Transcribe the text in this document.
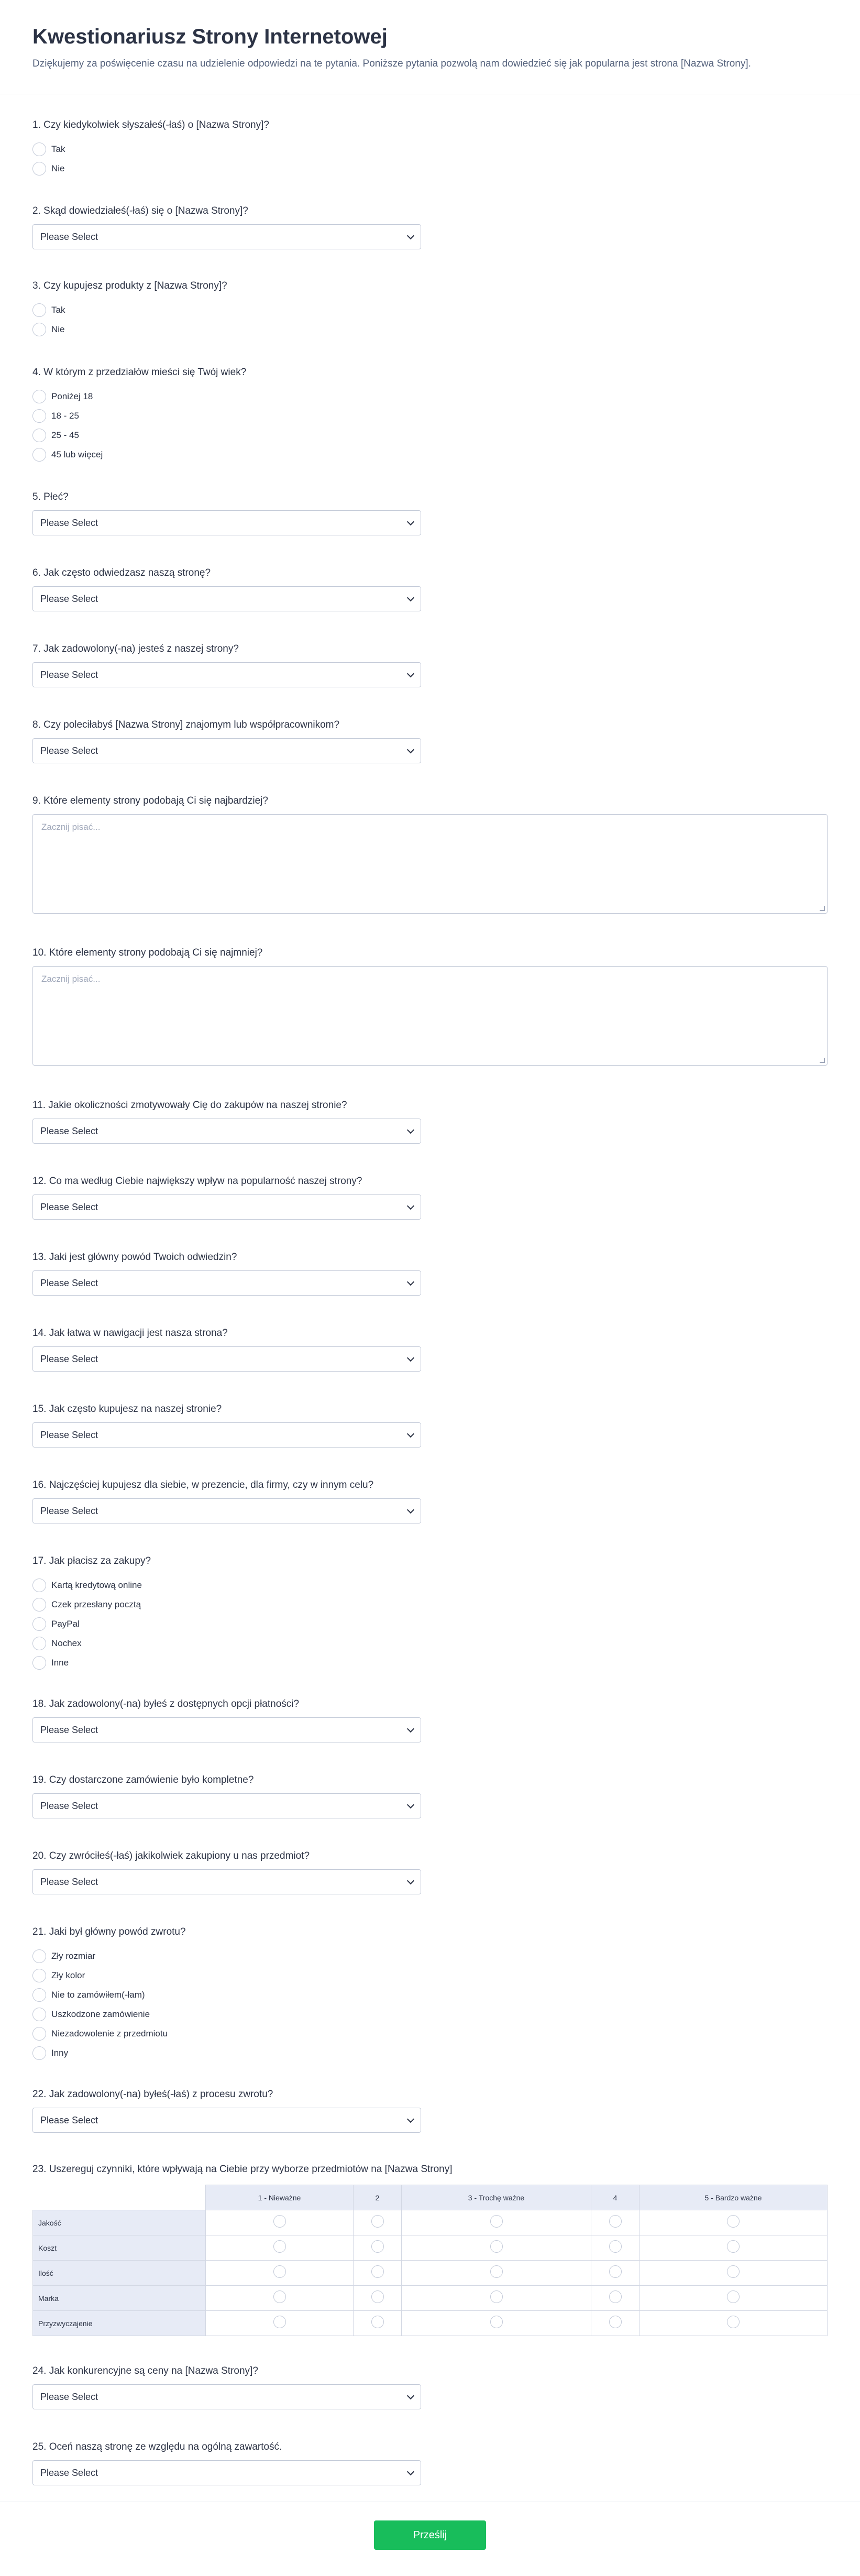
Kwestionariusz Strony Internetowej

Dziękujemy za poświęcenie czasu na udzielenie odpowiedzi na te pytania. Poniższe pytania pozwolą nam dowiedzieć się jak popularna jest strona [Nazwa Strony].

1. Czy kiedykolwiek słyszałeś(-łaś) o [Nazwa Strony]?
Tak
Nie
2. Skąd dowiedziałeś(-łaś) się o [Nazwa Strony]?
Please Select
3. Czy kupujesz produkty z [Nazwa Strony]?
Tak
Nie
4. W którym z przedziałów mieści się Twój wiek?
Poniżej 18
18 - 25
25 - 45
45 lub więcej
5. Płeć?
Please Select
6. Jak często odwiedzasz naszą stronę?
Please Select
7. Jak zadowolony(-na) jesteś z naszej strony?
Please Select
8. Czy poleciłabyś [Nazwa Strony] znajomym lub współpracownikom?
Please Select
9. Które elementy strony podobają Ci się najbardziej?
Zacznij pisać...
10. Które elementy strony podobają Ci się najmniej?
Zacznij pisać...
11. Jakie okoliczności zmotywowały Cię do zakupów na naszej stronie?
Please Select
12. Co ma według Ciebie największy wpływ na popularność naszej strony?
Please Select
13. Jaki jest główny powód Twoich odwiedzin?
Please Select
14. Jak łatwa w nawigacji jest nasza strona?
Please Select
15. Jak często kupujesz na naszej stronie?
Please Select
16. Najczęściej kupujesz dla siebie, w prezencie, dla firmy, czy w innym celu?
Please Select
17. Jak płacisz za zakupy?
Kartą kredytową online
Czek przesłany pocztą
PayPal
Nochex
Inne
18. Jak zadowolony(-na) byłeś z dostępnych opcji płatności?
Please Select
19. Czy dostarczone zamówienie było kompletne?
Please Select
20. Czy zwróciłeś(-łaś) jakikolwiek zakupiony u nas przedmiot?
Please Select
21. Jaki był główny powód zwrotu?
Zły rozmiar
Zły kolor
Nie to zamówiłem(-łam)
Uszkodzone zamówienie
Niezadowolenie z przedmiotu
Inny
22. Jak zadowolony(-na) byłeś(-łaś) z procesu zwrotu?
Please Select
23. Uszereguj czynniki, które wpływają na Ciebie przy wyborze przedmiotów na [Nazwa Strony]
	1 - Nieważne	2	3 - Trochę ważne	4	5 - Bardzo ważne
Jakość					
Koszt					
Ilość					
Marka					
Przyzwyczajenie					
24. Jak konkurencyjne są ceny na [Nazwa Strony]?
Please Select
25. Oceń naszą stronę ze względu na ogólną zawartość.
Please Select
Prześlij
